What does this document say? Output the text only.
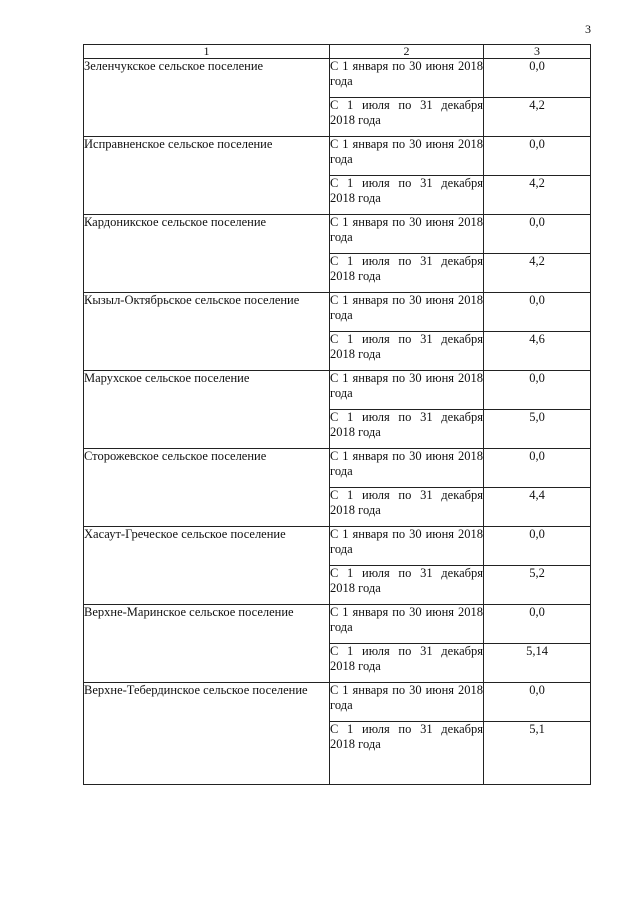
3
1	2	3
Зеленчукское сельское поселение	С 1 января по 30 июня 2018 года	0,0
	С 1 июля по 31 декабря 2018 года	4,2
Исправненское сельское поселение	С 1 января по 30 июня 2018 года	0,0
	С 1 июля по 31 декабря 2018 года	4,2
Кардоникское сельское поселение	С 1 января по 30 июня 2018 года	0,0
	С 1 июля по 31 декабря 2018 года	4,2
Кызыл-Октябрьское сельское поселение	С 1 января по 30 июня 2018 года	0,0
	С 1 июля по 31 декабря 2018 года	4,6
Марухское сельское поселение	С 1 января по 30 июня 2018 года	0,0
	С 1 июля по 31 декабря 2018 года	5,0
Сторожевское сельское поселение	С 1 января по 30 июня 2018 года	0,0
	С 1 июля по 31 декабря 2018 года	4,4
Хасаут-Греческое сельское поселение	С 1 января по 30 июня 2018 года	0,0
	С 1 июля по 31 декабря 2018 года	5,2
Верхне-Маринское сельское поселение	С 1 января по 30 июня 2018 года	0,0
	С 1 июля по 31 декабря 2018 года	5,14
Верхне-Тебердинское сельское поселение	С 1 января по 30 июня 2018 года	0,0
	С 1 июля по 31 декабря 2018 года	5,1
